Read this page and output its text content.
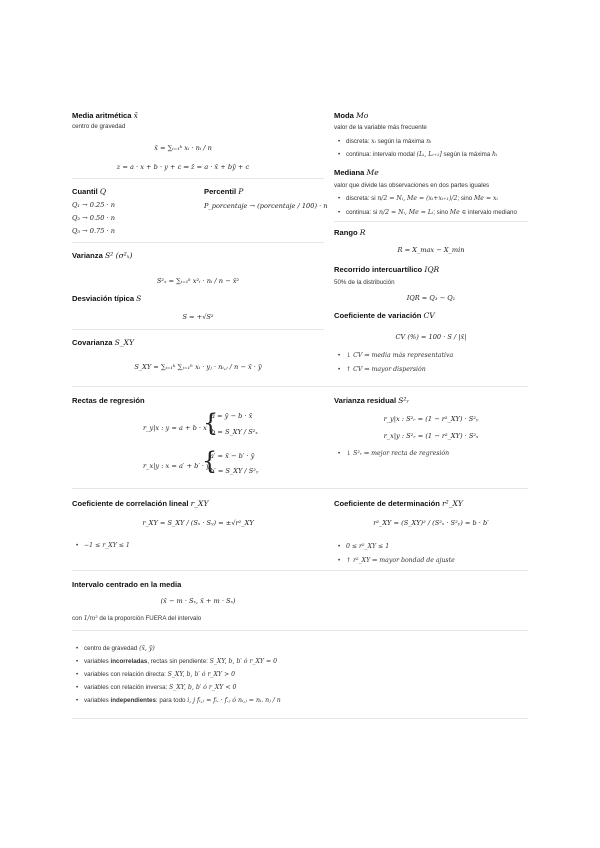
Media aritmética x̄
centro de gravedad
x̄ = ∑ᵢ₌₁ᵏ xᵢ · nᵢ / n
z = a · x + b · y + c ⇒ z̄ = a · x̄ + bȳ + c
Cuantil Q
Q₁ → 0.25 · n
Q₂ → 0.50 · n
Q₃ → 0.75 · n
Percentil P
P_porcentaje → (porcentaje / 100) · n
Varianza S² (σ²ₓ)
S²ₓ = ∑ᵢ₌₁ᵏ x²ᵢ · nᵢ / n − x̄²
Desviación típica S
S = +√S²
Covarianza S_XY
S_XY = ∑ᵢ₌₁ᵏ ∑ⱼ₌₁ʰ xᵢ · yⱼ · nᵢ,ⱼ / n − x̄ · ȳ
Rectas de regresión
r_y|x : y = a + b · x
{
a = ȳ − b · x̄
b = S_XY / S²ₓ
r_x|y : x = a′ + b′ · y
{
a′ = x̄ − b′ · ȳ
b′ = S_XY / S²ᵧ
Coeficiente de correlación lineal r_XY
r_XY = S_XY / (Sₓ · Sᵧ) = ±√r²_XY
• −1 ≤ r_XY ≤ 1
Intervalo centrado en la media
(x̄ − m · Sₓ, x̄ + m · Sₓ)
con 1/m² de la proporción FUERA del intervalo
• centro de gravedad (x̄, ȳ)
• variables incorreladas, rectas sin pendiente: S_XY, b, b′ ó r_XY = 0
• variables con relación directa: S_XY, b, b′ ó r_XY > 0
• variables con relación inversa: S_XY, b, b′ ó r_XY < 0
• variables independientes: para todo i, j fᵢ,ⱼ = fᵢ. · f.ⱼ ó nᵢ,ⱼ = nᵢ. nⱼ / n
Moda Mo
valor de la variable más frecuente
• discreta: xᵢ según la máxima nᵢ
• continua: intervalo modal (Lᵢ, Lᵢ₊₁] según la máxima hᵢ
Mediana Me
valor que divide las observaciones en dos partes iguales
• discreta: si n/2 = Nᵢ, Me = (xᵢ+xᵢ₊₁)/2; sino Me = xᵢ
• continua: si n/2 = Nᵢ, Me = Lᵢ; sino Me ∈ intervalo mediano
Rango R
R = X_max − X_min
Recorrido intercuartílico IQR
50% de la distribución
IQR = Q₃ − Q₁
Coeficiente de variación CV
CV (%) = 100 · S / |x̄|
• ↓ CV ⇒ media más representativa
• ↑ CV ⇒ mayor dispersión
Varianza residual S²ᵣ
r_y|x : S²ᵣ = (1 − r²_XY) · S²ᵧ
r_x|y : S²ᵣ = (1 − r²_XY) · S²ₓ
• ↓ S²ᵣ ⇒ mejor recta de regresión
Coeficiente de determinación r²_XY
r²_XY = (S_XY)² / (S²ₓ · S²ᵧ) = b · b′
• 0 ≤ r²_XY ≤ 1
• ↑ r²_XY ⇒ mayor bondad de ajuste
